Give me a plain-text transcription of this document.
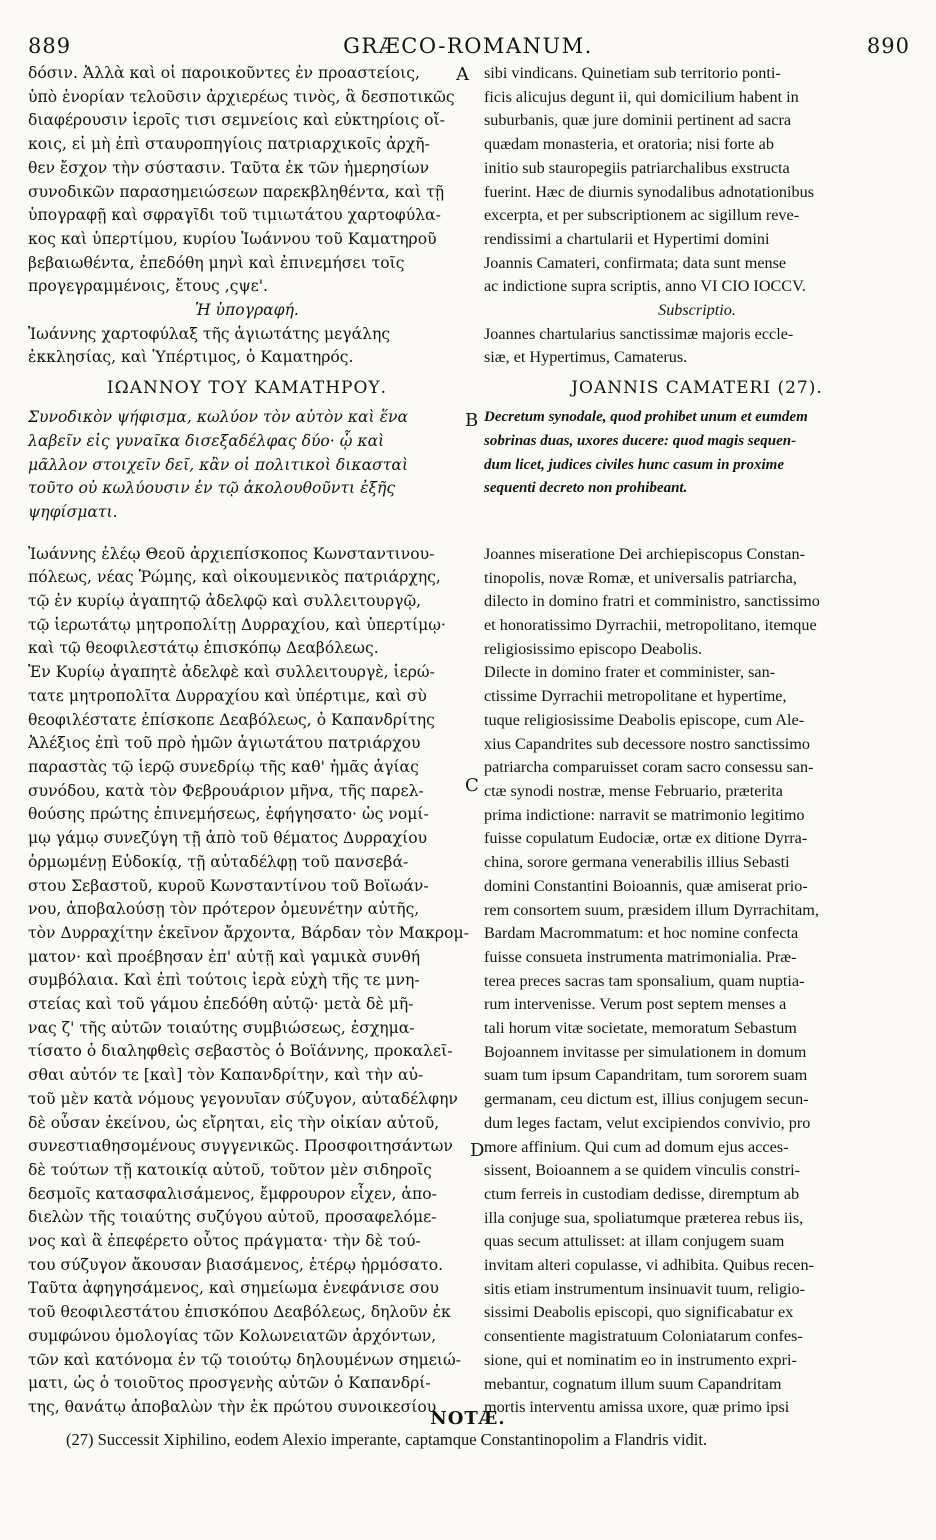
889	GRÆCO-ROMANUM.	890
δόσιν. Ἀλλὰ καὶ οἱ παροικοῦντες ἐν προαστείοις,
ὑπὸ ἐνορίαν τελοῦσιν ἀρχιερέως τινὸς, ἃ δεσποτικῶς
διαφέρουσιν ἱεροῖς τισι σεμνείοις καὶ εὐκτηρίοις οἴ-
κοις, εἰ μὴ ἐπὶ σταυροπηγίοις πατριαρχικοῖς ἀρχῆ-
θεν ἔσχον τὴν σύστασιν. Ταῦτα ἐκ τῶν ἡμερησίων
συνοδικῶν παρασημειώσεων παρεκβληθέντα, καὶ τῇ
ὑπογραφῇ καὶ σφραγῖδι τοῦ τιμιωτάτου χαρτοφύλα-
κος καὶ ὑπερτίμου, κυρίου Ἰωάννου τοῦ Καματηροῦ
βεβαιωθέντα, ἐπεδόθη μηνὶ καὶ ἐπινεμήσει τοῖς
προγεγραμμένοις, ἔτους ,ςψε'.
Ἡ ὑπογραφή.
Ἰωάννης χαρτοφύλαξ τῆς ἁγιωτάτης μεγάλης
ἐκκλησίας, καὶ Ὑπέρτιμος, ὁ Καματηρός.
ΙΩΑΝΝΟΥ ΤΟΥ ΚΑΜΑΤΗΡΟΥ.
Συνοδικὸν ψήφισμα, κωλύον τὸν αὐτὸν καὶ ἕνα
λαβεῖν εἰς γυναῖκα δισεξαδέλφας δύο· ᾧ καὶ
μᾶλλον στοιχεῖν δεῖ, κἂν οἱ πολιτικοὶ δικασταὶ
τοῦτο οὐ κωλύουσιν ἐν τῷ ἀκολουθοῦντι ἐξῆς
ψηφίσματι.
Ἰωάννης ἐλέῳ Θεοῦ ἀρχιεπίσκοπος Κωνσταντινου-
πόλεως, νέας Ῥώμης, καὶ οἰκουμενικὸς πατριάρχης,
τῷ ἐν κυρίῳ ἀγαπητῷ ἀδελφῷ καὶ συλλειτουργῷ,
τῷ ἱερωτάτῳ μητροπολίτῃ Δυρραχίου, καὶ ὑπερτίμῳ·
καὶ τῷ θεοφιλεστάτῳ ἐπισκόπῳ Δεαβόλεως.
Ἐν Κυρίῳ ἀγαπητὲ ἀδελφὲ καὶ συλλειτουργὲ, ἱερώ-
τατε μητροπολῖτα Δυρραχίου καὶ ὑπέρτιμε, καὶ σὺ
θεοφιλέστατε ἐπίσκοπε Δεαβόλεως, ὁ Καπανδρίτης
Ἀλέξιος ἐπὶ τοῦ πρὸ ἡμῶν ἁγιωτάτου πατριάρχου
παραστὰς τῷ ἱερῷ συνεδρίῳ τῆς καθ' ἡμᾶς ἁγίας
συνόδου, κατὰ τὸν Φεβρουάριον μῆνα, τῆς παρελ-
θούσης πρώτης ἐπινεμήσεως, ἐφήγησατο· ὡς νομί-
μῳ γάμῳ συνεζύγη τῇ ἀπὸ τοῦ θέματος Δυρραχίου
ὁρμωμένῃ Εὐδοκίᾳ, τῇ αὐταδέλφῃ τοῦ πανσεβά-
στου Σεβαστοῦ, κυροῦ Κωνσταντίνου τοῦ Βοϊωάν-
νου, ἀποβαλούσῃ τὸν πρότερον ὁμευνέτην αὐτῆς,
τὸν Δυρραχίτην ἐκεῖνον ἄρχοντα, Βάρδαν τὸν Μακρομ-
ματον· καὶ προέβησαν ἐπ' αὐτῇ καὶ γαμικὰ συνθή
συμβόλαια. Καὶ ἐπὶ τούτοις ἱερὰ εὐχὴ τῆς τε μνη-
στείας καὶ τοῦ γάμου ἐπεδόθη αὐτῷ· μετὰ δὲ μῆ-
νας ζ' τῆς αὐτῶν τοιαύτης συμβιώσεως, ἐσχημα-
τίσατο ὁ διαληφθεὶς σεβαστὸς ὁ Βοϊάννης, προκαλεῖ-
σθαι αὐτόν τε [καὶ] τὸν Καπανδρίτην, καὶ τὴν αὐ-
τοῦ μὲν κατὰ νόμους γεγονυῖαν σύζυγον, αὐταδέλφην
δὲ οὖσαν ἐκείνου, ὡς εἴρηται, εἰς τὴν οἰκίαν αὐτοῦ,
συνεστιαθησομένους συγγενικῶς. Προσφοιτησάντων
δὲ τούτων τῇ κατοικίᾳ αὐτοῦ, τοῦτον μὲν σιδηροῖς
δεσμοῖς κατασφαλισάμενος, ἔμφρουρον εἶχεν, ἀπο-
διελὼν τῆς τοιαύτης συζύγου αὐτοῦ, προσαφελόμε-
νος καὶ ἃ ἐπεφέρετο οὗτος πράγματα· τὴν δὲ τού-
του σύζυγον ἄκουσαν βιασάμενος, ἑτέρῳ ἡρμόσατο.
Ταῦτα ἀφηγησάμενος, καὶ σημείωμα ἐνεφάνισε σου
τοῦ θεοφιλεστάτου ἐπισκόπου Δεαβόλεως, δηλοῦν ἐκ
συμφώνου ὁμολογίας τῶν Κολωνειατῶν ἀρχόντων,
τῶν καὶ κατόνομα ἐν τῷ τοιούτῳ δηλουμένων σημειώ-
ματι, ὡς ὁ τοιοῦτος προσγενὴς αὐτῶν ὁ Καπανδρί-
της, θανάτῳ ἀποβαλὼν τὴν ἐκ πρώτου συνοικεσίου
A
B
C
D
sibi vindicans. Quinetiam sub territorio ponti-
ficis alicujus degunt ii, qui domicilium habent in
suburbanis, quæ jure dominii pertinent ad sacra
quædam monasteria, et oratoria; nisi forte ab
initio sub stauropegiis patriarchalibus exstructa
fuerint. Hæc de diurnis synodalibus adnotationibus
excerpta, et per subscriptionem ac sigillum reve-
rendissimi a chartularii et Hypertimi domini
Joannis Camateri, confirmata; data sunt mense
ac indictione supra scriptis, anno VI CIO IOCCV.
Subscriptio.
Joannes chartularius sanctissimæ majoris eccle-
siæ, et Hypertimus, Camaterus.
JOANNIS CAMATERI (27).
Decretum synodale, quod prohibet unum et eumdem
sobrinas duas, uxores ducere: quod magis sequen-
dum licet, judices civiles hunc casum in proxime
sequenti decreto non prohibeant.
Joannes miseratione Dei archiepiscopus Constan-
tinopolis, novæ Romæ, et universalis patriarcha,
dilecto in domino fratri et comministro, sanctissimo
et honoratissimo Dyrrachii, metropolitano, itemque
religiosissimo episcopo Deabolis.
Dilecte in domino frater et comminister, san-
ctissime Dyrrachii metropolitane et hypertime,
tuque religiosissime Deabolis episcope, cum Ale-
xius Capandrites sub decessore nostro sanctissimo
patriarcha comparuisset coram sacro consessu san-
ctæ synodi nostræ, mense Februario, præterita
prima indictione: narravit se matrimonio legitimo
fuisse copulatum Eudociæ, ortæ ex ditione Dyrra-
china, sorore germana venerabilis illius Sebasti
domini Constantini Boioannis, quæ amiserat prio-
rem consortem suum, præsidem illum Dyrrachitam,
Bardam Macrommatum: et hoc nomine confecta
fuisse consueta instrumenta matrimonialia. Præ-
terea preces sacras tam sponsalium, quam nuptia-
rum intervenisse. Verum post septem menses a
tali horum vitæ societate, memoratum Sebastum
Bojoannem invitasse per simulationem in domum
suam tum ipsum Capandritam, tum sororem suam
germanam, ceu dictum est, illius conjugem secun-
dum leges factam, velut excipiendos convivio, pro
more affinium. Qui cum ad domum ejus acces-
sissent, Boioannem a se quidem vinculis constri-
ctum ferreis in custodiam dedisse, diremptum ab
illa conjuge sua, spoliatumque præterea rebus iis,
quas secum attulisset: at illam conjugem suam
invitam alteri copulasse, vi adhibita. Quibus recen-
sitis etiam instrumentum insinuavit tuum, religio-
sissimi Deabolis episcopi, quo significabatur ex
consentiente magistratuum Coloniatarum confes-
sione, qui et nominatim eo in instrumento expri-
mebantur, cognatum illum suum Capandritam
mortis interventu amissa uxore, quæ primo ipsi
NOTÆ.
(27) Successit Xiphilino, eodem Alexio imperante, captamque Constantinopolim a Flandris vidit.
